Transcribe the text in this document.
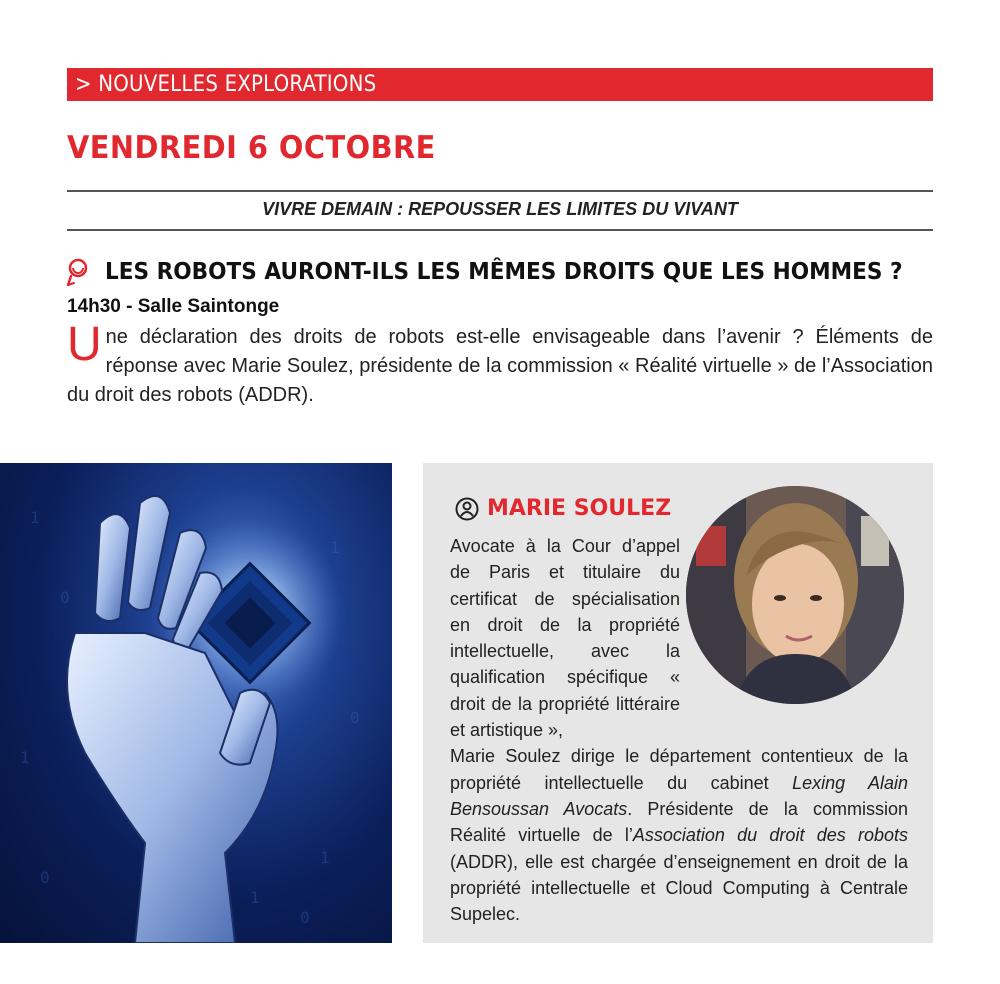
> NOUVELLES EXPLORATIONS
VENDREDI 6 OCTOBRE
VIVRE DEMAIN : REPOUSSER LES LIMITES DU VIVANT
LES ROBOTS AURONT-ILS LES MÊMES DROITS QUE LES HOMMES ?
14h30 - Salle Saintonge
U ne déclaration des droits de robots est-elle envisageable dans l’avenir ? Éléments de réponse avec Marie Soulez, présidente de la commission « Réalité virtuelle » de l’Association du droit des robots (ADDR).
1
0
1
0
1
0
1
0
1
MARIE SOULEZ
Avocate à la Cour d’appel de Paris et titulaire du certificat de spécialisation en droit de la propriété intellectuelle, avec la qualification spécifique « droit de la propriété littéraire et artistique »,
Marie Soulez dirige le département contentieux de la propriété intellectuelle du cabinet Lexing Alain Bensoussan Avocats. Présidente de la commission Réalité virtuelle de l’Association du droit des robots (ADDR), elle est chargée d’enseignement en droit de la propriété intellectuelle et Cloud Computing à Centrale Supelec.
